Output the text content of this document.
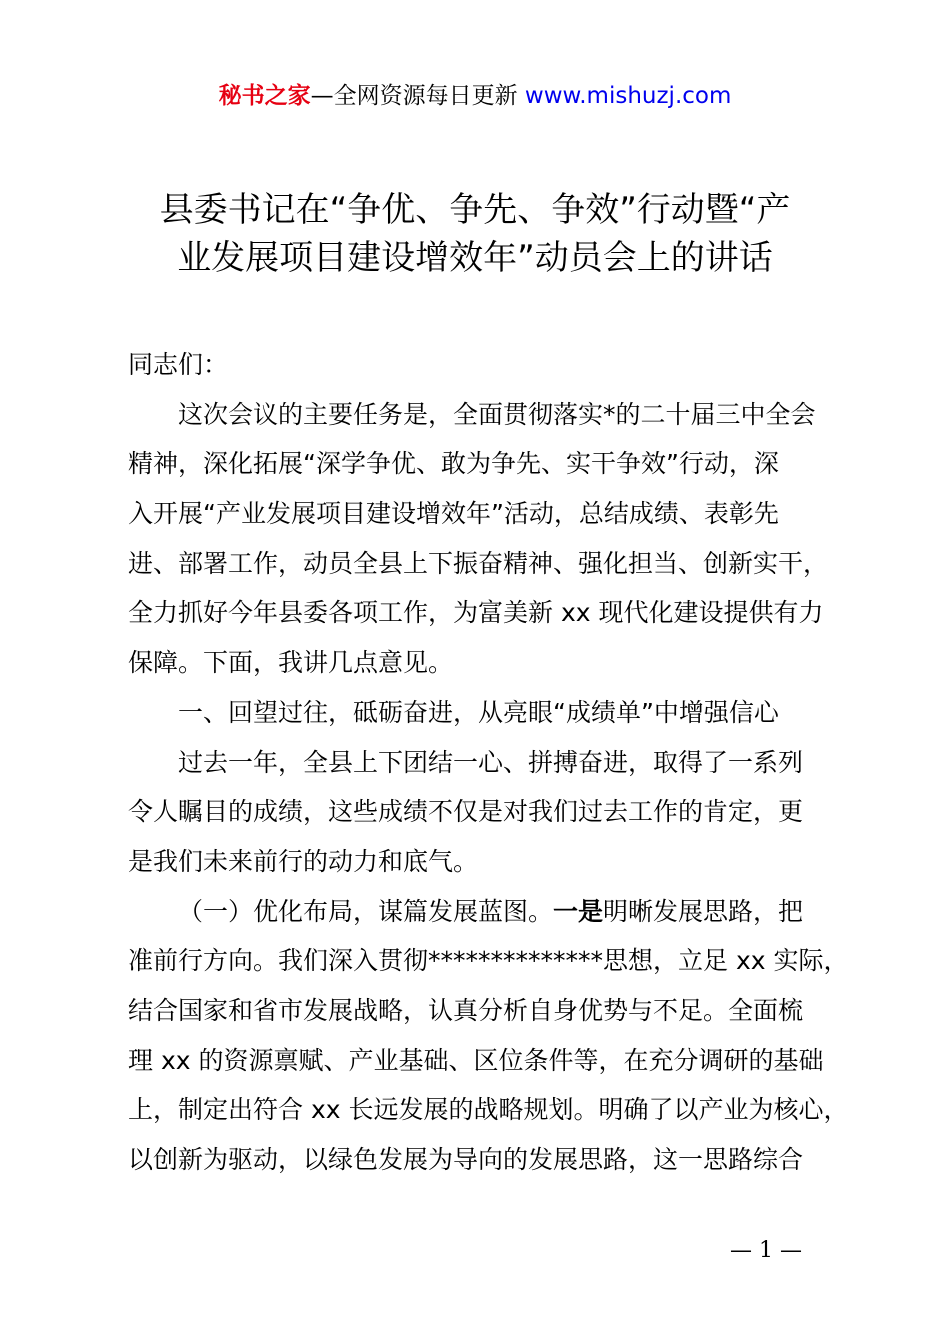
秘书之家—全网资源每日更新 www.mishuzj.com
县委书记在“争优、争先、争效”行动暨“产
业发展项目建设增效年”动员会上的讲话
同志们：
这次会议的主要任务是，全面贯彻落实*的二十届三中全会
精神，深化拓展“深学争优、敢为争先、实干争效”行动，深
入开展“产业发展项目建设增效年”活动，总结成绩、表彰先
进、部署工作，动员全县上下振奋精神、强化担当、创新实干，
全力抓好今年县委各项工作，为富美新 xx 现代化建设提供有力
保障。下面，我讲几点意见。
一、回望过往，砥砺奋进，从亮眼“成绩单”中增强信心
过去一年，全县上下团结一心、拼搏奋进，取得了一系列
令人瞩目的成绩，这些成绩不仅是对我们过去工作的肯定，更
是我们未来前行的动力和底气。
（一）优化布局，谋篇发展蓝图。一是明晰发展思路，把
准前行方向。我们深入贯彻**************思想，立足 xx 实际，
结合国家和省市发展战略，认真分析自身优势与不足。全面梳
理 xx 的资源禀赋、产业基础、区位条件等，在充分调研的基础
上，制定出符合 xx 长远发展的战略规划。明确了以产业为核心，
以创新为驱动，以绿色发展为导向的发展思路，这一思路综合
— 1 —
